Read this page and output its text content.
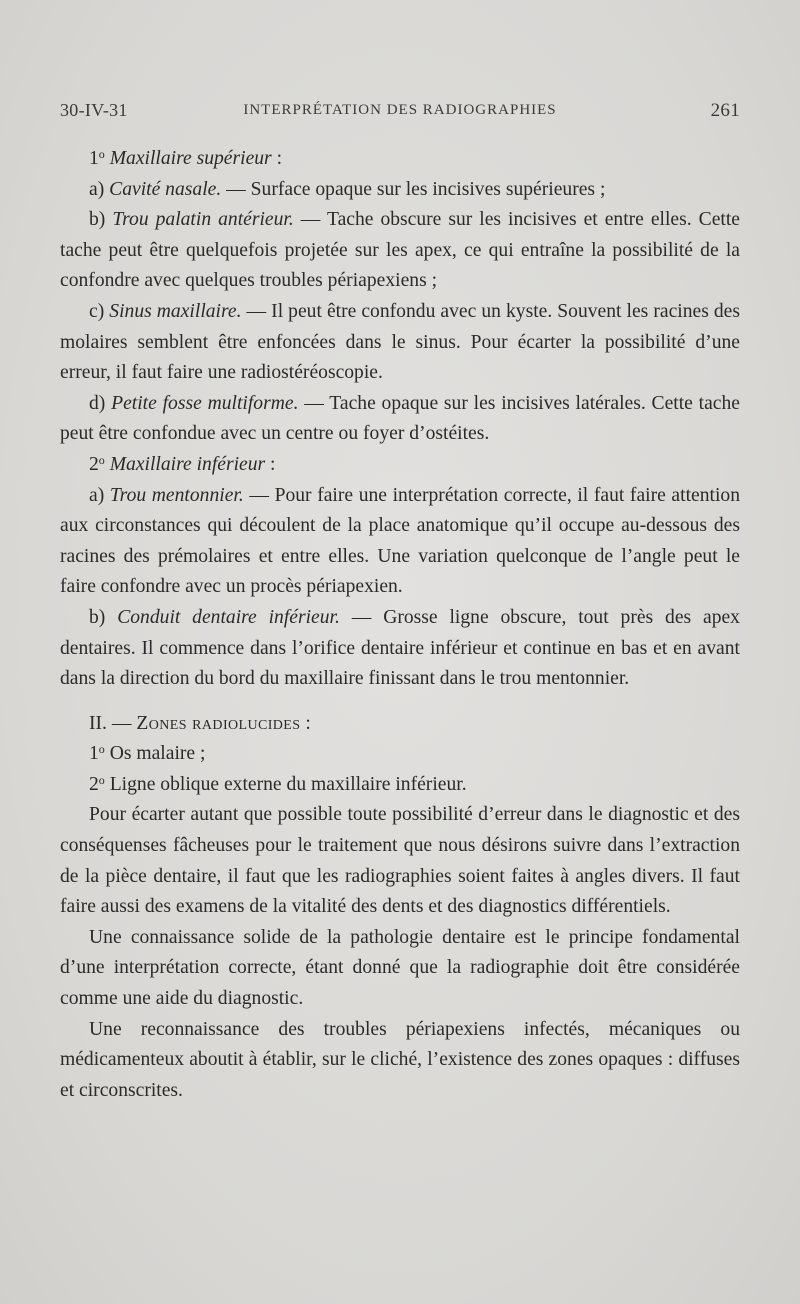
30-IV-31	INTERPRÉTATION DES RADIOGRAPHIES	261

1$^o$ Maxillaire supérieur :

a) Cavité nasale. — Surface opaque sur les incisives supérieures ;

b) Trou palatin antérieur. — Tache obscure sur les incisives et entre elles. Cette tache peut être quelquefois projetée sur les apex, ce qui entraîne la possibilité de la confondre avec quelques troubles périapexiens ;

c) Sinus maxillaire. — Il peut être confondu avec un kyste. Souvent les racines des molaires semblent être enfoncées dans le sinus. Pour écarter la possibilité d’une erreur, il faut faire une radiostéréoscopie.

d) Petite fosse multiforme. — Tache opaque sur les incisives latérales. Cette tache peut être confondue avec un centre ou foyer d’ostéites.

2$^o$ Maxillaire inférieur :

a) Trou mentonnier. — Pour faire une interprétation correcte, il faut faire attention aux circonstances qui découlent de la place anatomique qu’il occupe au-dessous des racines des prémolaires et entre elles. Une variation quelconque de l’angle peut le faire confondre avec un procès périapexien.

b) Conduit dentaire inférieur. — Grosse ligne obscure, tout près des apex dentaires. Il commence dans l’orifice dentaire inférieur et continue en bas et en avant dans la direction du bord du maxillaire finissant dans le trou mentonnier.

II. — Zones radiolucides :

1$^o$ Os malaire ;

2$^o$ Ligne oblique externe du maxillaire inférieur.

Pour écarter autant que possible toute possibilité d’erreur dans le diagnostic et des conséquenses fâcheuses pour le traitement que nous désirons suivre dans l’extraction de la pièce dentaire, il faut que les radiographies soient faites à angles divers. Il faut faire aussi des examens de la vitalité des dents et des diagnostics différentiels.

Une connaissance solide de la pathologie dentaire est le principe fondamental d’une interprétation correcte, étant donné que la radiographie doit être considérée comme une aide du diagnostic.

Une reconnaissance des troubles périapexiens infectés, mécaniques ou médicamenteux aboutit à établir, sur le cliché, l’existence des zones opaques : diffuses et circonscrites.
